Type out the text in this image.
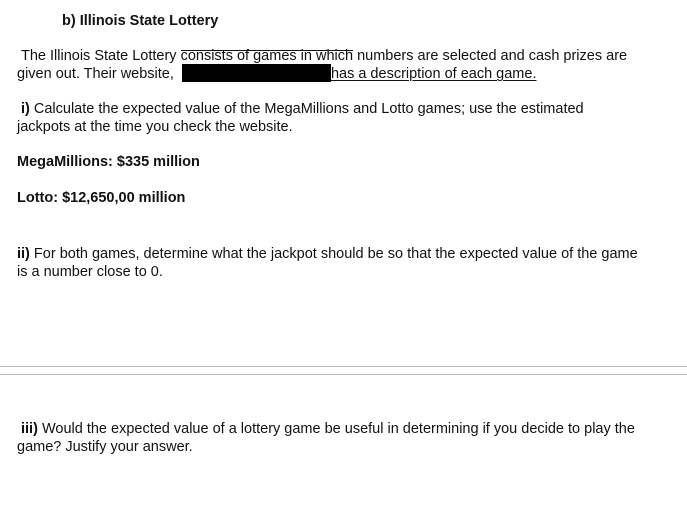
b) Illinois State Lottery
The Illinois State Lottery consists of games in which numbers are selected and cash prizes are
given out. Their website,	has a description of each game.
i) Calculate the expected value of the MegaMillions and Lotto games; use the estimated
jackpots at the time you check the website.
MegaMillions: $335 million
Lotto: $12,650,00 million
ii) For both games, determine what the jackpot should be so that the expected value of the game
is a number close to 0.
iii) Would the expected value of a lottery game be useful in determining if you decide to play the
game? Justify your answer.
